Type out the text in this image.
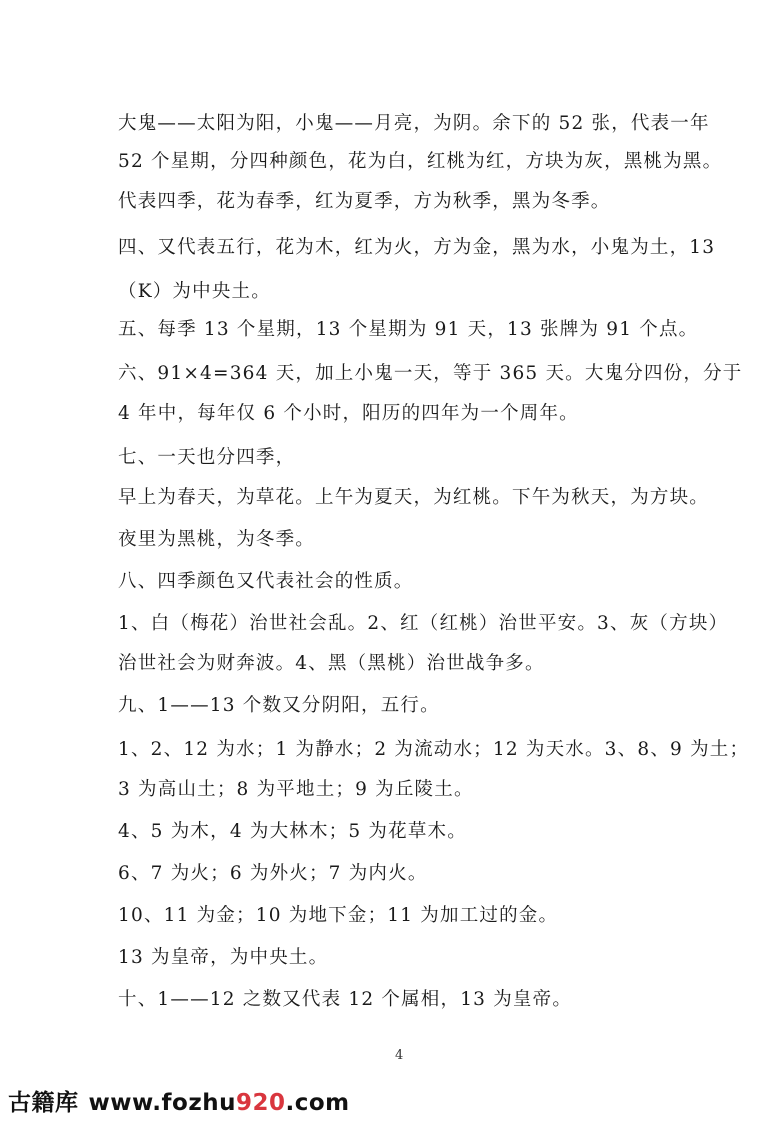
大鬼——太阳为阳，小鬼——月亮，为阴。余下的 52 张，代表一年
52 个星期，分四种颜色，花为白，红桃为红，方块为灰，黑桃为黑。
代表四季，花为春季，红为夏季，方为秋季，黑为冬季。
四、又代表五行，花为木，红为火，方为金，黑为水，小鬼为土，13
（K）为中央土。
五、每季 13 个星期，13 个星期为 91 天，13 张牌为 91 个点。
六、91×4=364 天，加上小鬼一天，等于 365 天。大鬼分四份，分于
4 年中，每年仅 6 个小时，阳历的四年为一个周年。
七、一天也分四季，
早上为春天，为草花。上午为夏天，为红桃。下午为秋天，为方块。
夜里为黑桃，为冬季。
八、四季颜色又代表社会的性质。
1、白（梅花）治世社会乱。2、红（红桃）治世平安。3、灰（方块）
治世社会为财奔波。4、黑（黑桃）治世战争多。
九、1——13 个数又分阴阳，五行。
1、2、12 为水；1 为静水；2 为流动水；12 为天水。3、8、9 为土；
3 为高山土；8 为平地土；9 为丘陵土。
4、5 为木，4 为大林木；5 为花草木。
6、7 为火；6 为外火；7 为内火。
10、11 为金；10 为地下金；11 为加工过的金。
13 为皇帝，为中央土。
十、1——12 之数又代表 12 个属相，13 为皇帝。
4
古籍库 www.fozhu920.com
